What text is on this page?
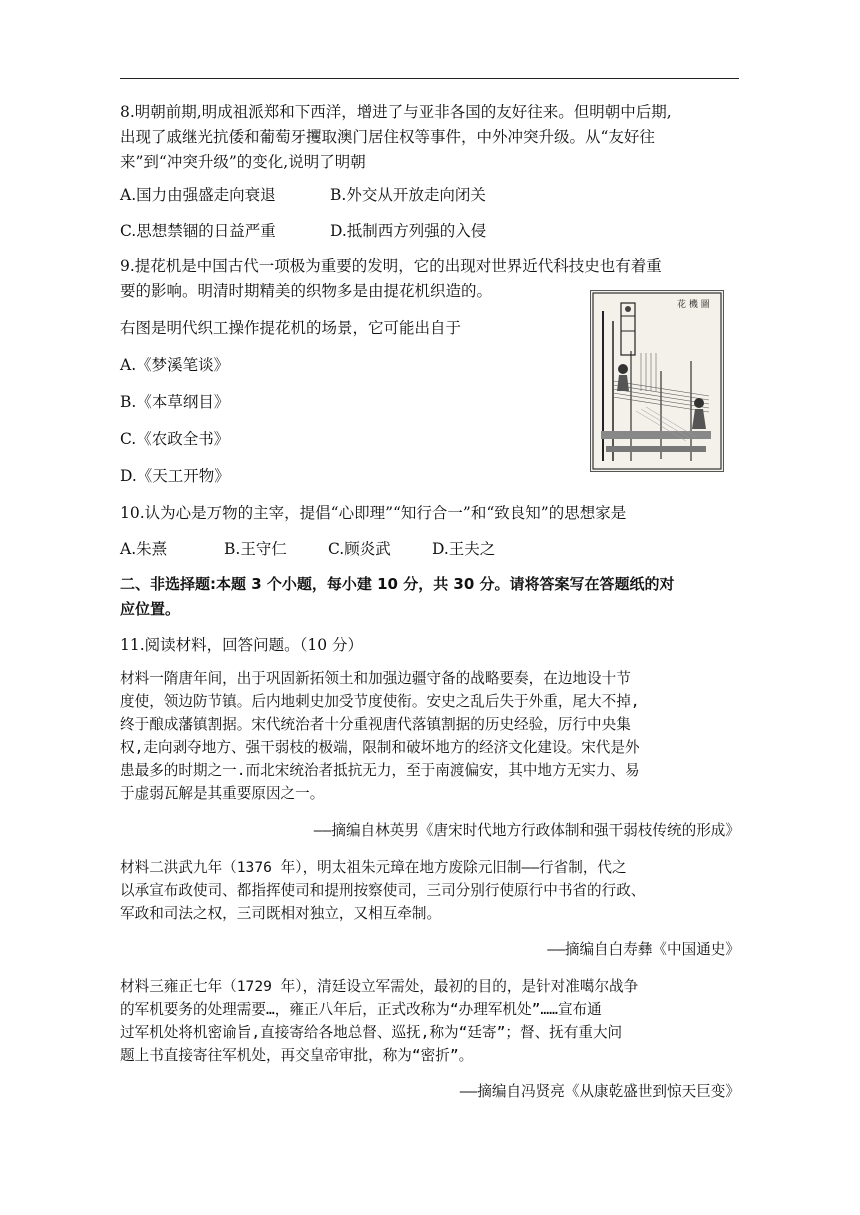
8.明朝前期,明成祖派郑和下西洋，增进了与亚非各国的友好往来。但明朝中后期,
出现了戚继光抗倭和葡萄牙攫取澳门居住权等事件，中外冲突升级。从“友好往
来”到“冲突升级”的变化,说明了明朝
A.国力由强盛走向衰退	B.外交从开放走向闭关
C.思想禁锢的日益严重	D.抵制西方列强的入侵
9.提花机是中国古代一项极为重要的发明，它的出现对世界近代科技史也有着重
要的影响。明清时期精美的织物多是由提花机织造的。
右图是明代织工操作提花机的场景，它可能出自于
A.《梦溪笔谈》
B.《本草纲目》
C.《农政全书》
D.《天工开物》
花 機 圖
10.认为心是万物的主宰，提倡“心即理”“知行合一”和“致良知”的思想家是
A.朱熹	B.王守仁	C.顾炎武	D.王夫之
二、非选择题:本题 3 个小题，每小建 10 分，共 30 分。请将答案写在答题纸的对
应位置。
11.阅读材料，回答问题。（10 分）
材料一隋唐年间，出于巩固新拓领土和加强边疆守备的战略要奏，在边地设十节
度使，领边防节镇。后内地刺史加受节度使衔。安史之乱后失于外重，尾大不掉,
终于酿成藩镇割据。宋代统治者十分重视唐代落镇割据的历史经验，厉行中央集
权,走向剥夺地方、强干弱枝的极端，限制和破坏地方的经济文化建设。宋代是外
患最多的时期之一.而北宋统治者抵抗无力，至于南渡偏安，其中地方无实力、易
于虚弱瓦解是其重要原因之一。
––摘编自林英男《唐宋时代地方行政体制和强干弱枝传统的形成》
材料二洪武九年（1376 年），明太祖朱元璋在地方废除元旧制——行省制，代之
以承宣布政使司、都指挥使司和提刑按察使司，三司分别行使原行中书省的行政、
军政和司法之权，三司既相对独立，又相互牵制。
——摘编自白寿彝《中国通史》
材料三雍正七年（1729 年），清廷设立军需处，最初的目的，是针对准噶尔战争
的军机要务的处理需要…，雍正八年后，正式改称为“办理军机处”……宣布通
过军机处将机密谕旨,直接寄给各地总督、巡抚,称为“廷寄”；督、抚有重大问
题上书直接寄往军机处，再交皇帝审批，称为“密折”。
——摘编自冯贤亮《从康乾盛世到惊天巨变》
